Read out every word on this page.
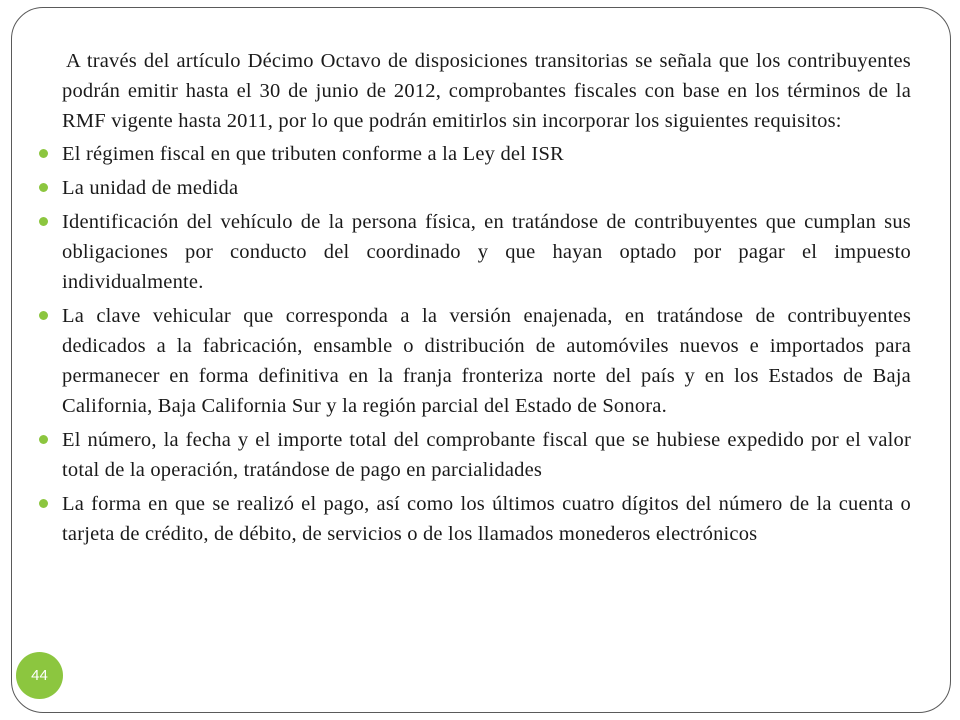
A través del artículo Décimo Octavo de disposiciones transitorias se señala que los contribuyentes podrán emitir hasta el 30 de junio de 2012, comprobantes fiscales con base en los términos de la RMF vigente hasta 2011, por lo que podrán emitirlos sin incorporar los siguientes requisitos:

El régimen fiscal en que tributen conforme a la Ley del ISR
La unidad de medida
Identificación del vehículo de la persona física, en tratándose de contribuyentes que cumplan sus obligaciones por conducto del coordinado y que hayan optado por pagar el impuesto individualmente.
La clave vehicular que corresponda a la versión enajenada, en tratándose de contribuyentes dedicados a la fabricación, ensamble o distribución de automóviles nuevos e importados para permanecer en forma definitiva en la franja fronteriza norte del país y en los Estados de Baja California, Baja California Sur y la región parcial del Estado de Sonora.
El número, la fecha y el importe total del comprobante fiscal que se hubiese expedido por el valor total de la operación, tratándose de pago en parcialidades
La forma en que se realizó el pago, así como los últimos cuatro dígitos del número de la cuenta o tarjeta de crédito, de débito, de servicios o de los llamados monederos electrónicos
44
